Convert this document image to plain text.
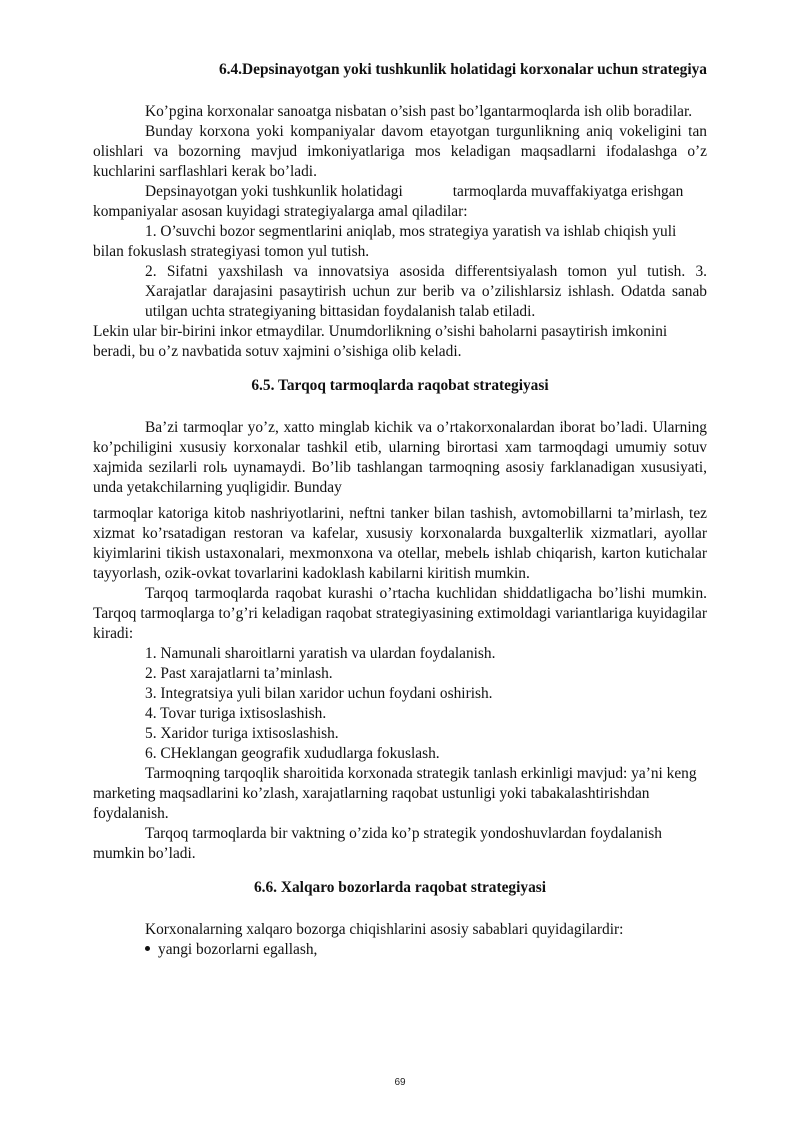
6.4.Depsinayotgan yoki tushkunlik holatidagi korxonalar uchun strategiya

Ko’pgina korxonalar sanoatga nisbatan o’sish past bo’lgantarmoqlarda ish olib boradilar.

Bunday korxona yoki kompaniyalar davom etayotgan turgunlikning aniq vokeligini tan olishlari va bozorning mavjud imkoniyatlariga mos keladigan maqsadlarni ifodalashga o’z kuchlarini sarflashlari kerak bo’ladi.

Depsinayotgan yoki tushkunlik holatidagi             tarmoqlarda muvaffakiyatga erishgan kompaniyalar asosan kuyidagi strategiyalarga amal qiladilar:

1. O’suvchi bozor segmentlarini aniqlab, mos strategiya yaratish va ishlab chiqish yuli bilan fokuslash strategiyasi tomon yul tutish.

2. Sifatni yaxshilash va innovatsiya asosida differentsiyalash tomon yul tutish. 3. Xarajatlar darajasini pasaytirish uchun zur berib va o’zilishlarsiz ishlash. Odatda sanab utilgan uchta strategiyaning bittasidan foydalanish talab etiladi.

Lekin ular bir-birini inkor etmaydilar. Unumdorlikning o’sishi baholarni pasaytirish imkonini beradi, bu o’z navbatida sotuv xajmini o’sishiga olib keladi.

6.5. Tarqoq tarmoqlarda raqobat strategiyasi

Ba’zi tarmoqlar yo’z, xatto minglab kichik va o’rtakorxonalardan iborat bo’ladi. Ularning ko’pchiligini xususiy korxonalar tashkil etib, ularning birortasi xam tarmoqdagi umumiy sotuv xajmida sezilarli rolь uynamaydi. Bo’lib tashlangan tarmoqning asosiy farklanadigan xususiyati, unda yetakchilarning yuqligidir. Bunday

tarmoqlar katoriga kitob nashriyotlarini, neftni tanker bilan tashish, avtomobillarni ta’mirlash, tez xizmat ko’rsatadigan restoran va kafelar, xususiy korxonalarda buxgalterlik xizmatlari, ayollar kiyimlarini tikish ustaxonalari, mexmonxona va otellar, mebelь ishlab chiqarish, karton kutichalar tayyorlash, ozik-ovkat tovarlarini kadoklash kabilarni kiritish mumkin.

Tarqoq tarmoqlarda raqobat kurashi o’rtacha kuchlidan shiddatligacha bo’lishi mumkin. Tarqoq tarmoqlarga to’g’ri keladigan raqobat strategiyasining extimoldagi variantlariga kuyidagilar kiradi:

1. Namunali sharoitlarni yaratish va ulardan foydalanish.

2. Past xarajatlarni ta’minlash.

3. Integratsiya yuli bilan xaridor uchun foydani oshirish.

4. Tovar turiga ixtisoslashish.

5. Xaridor turiga ixtisoslashish.

6. CHeklangan geografik xududlarga fokuslash.

Tarmoqning tarqoqlik sharoitida korxonada strategik tanlash erkinligi mavjud: ya’ni keng marketing maqsadlarini ko’zlash, xarajatlarning raqobat ustunligi yoki tabakalashtirishdan foydalanish.

Tarqoq tarmoqlarda bir vaktning o’zida ko’p strategik yondoshuvlardan foydalanish mumkin bo’ladi.

6.6. Xalqaro bozorlarda raqobat strategiyasi

Korxonalarning xalqaro bozorga chiqishlarini asosiy sabablari quyidagilardir:

yangi bozorlarni egallash,

69
